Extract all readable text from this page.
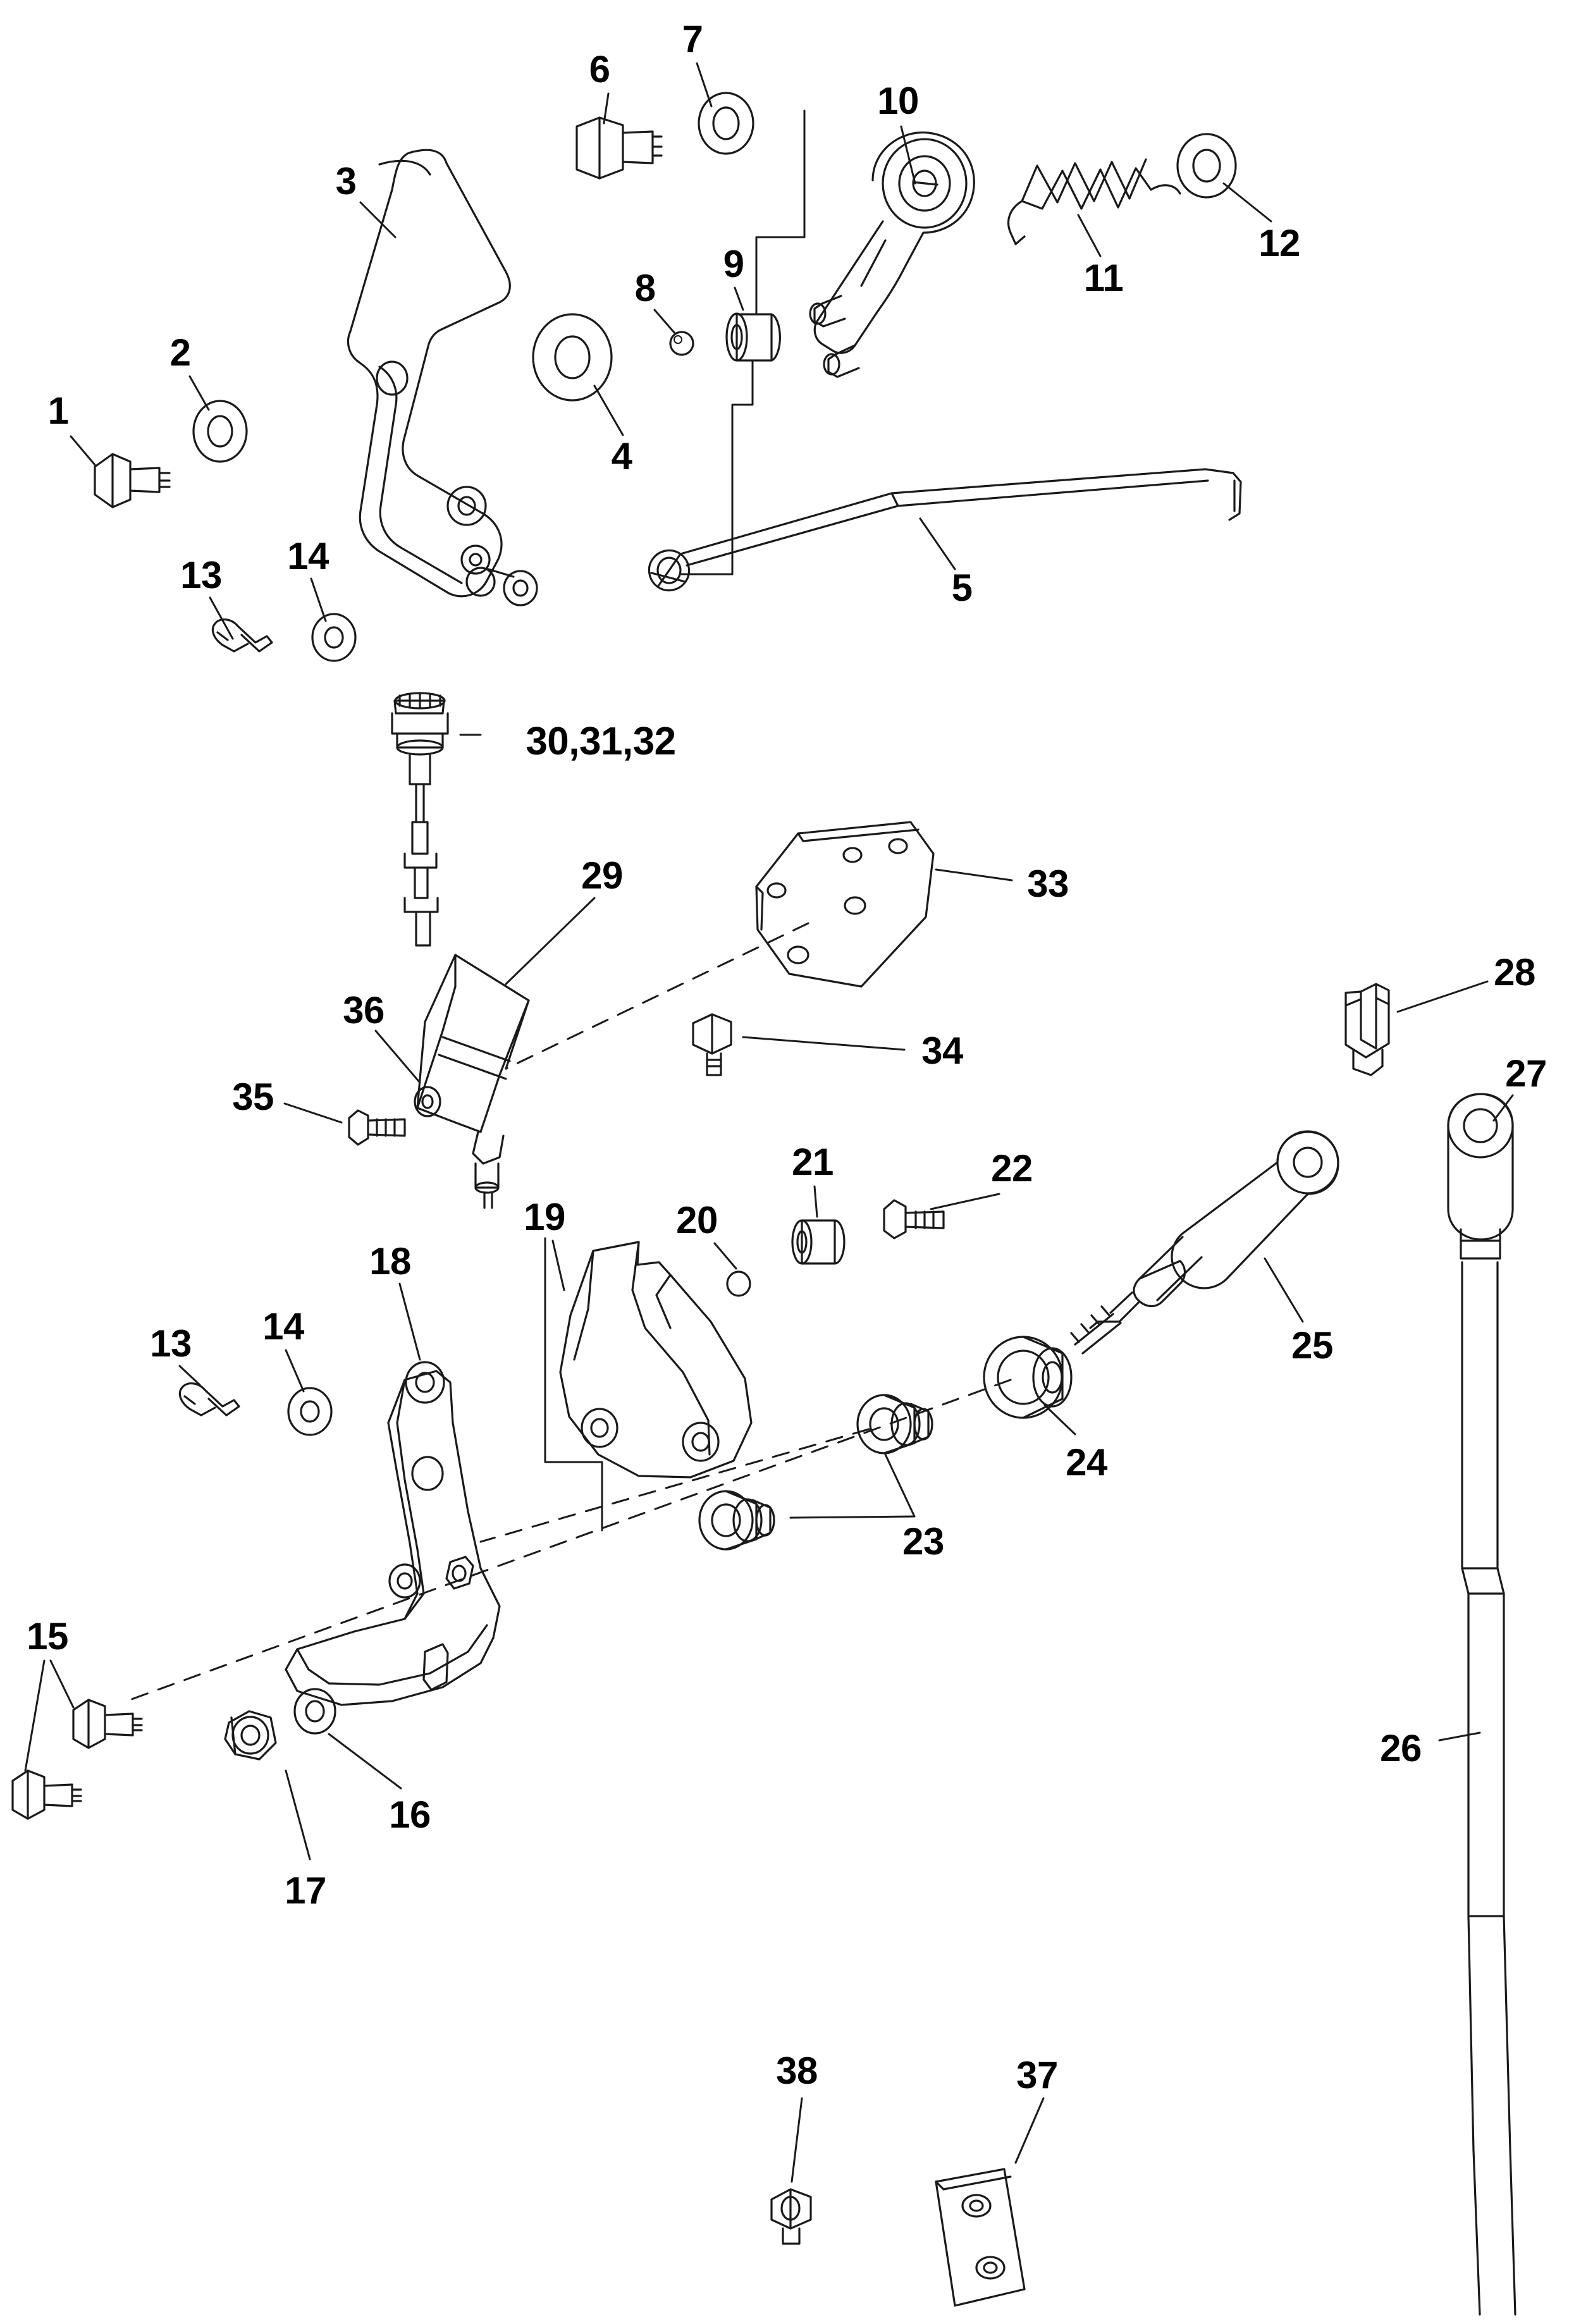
1
2
3
4
5
6
7
8
9
10
11
12
13 14
30,31,32
29	33
34
35
36
28
27
19	20
21	22
25
24
23
18
13 14
15
16
17
26
38	37
